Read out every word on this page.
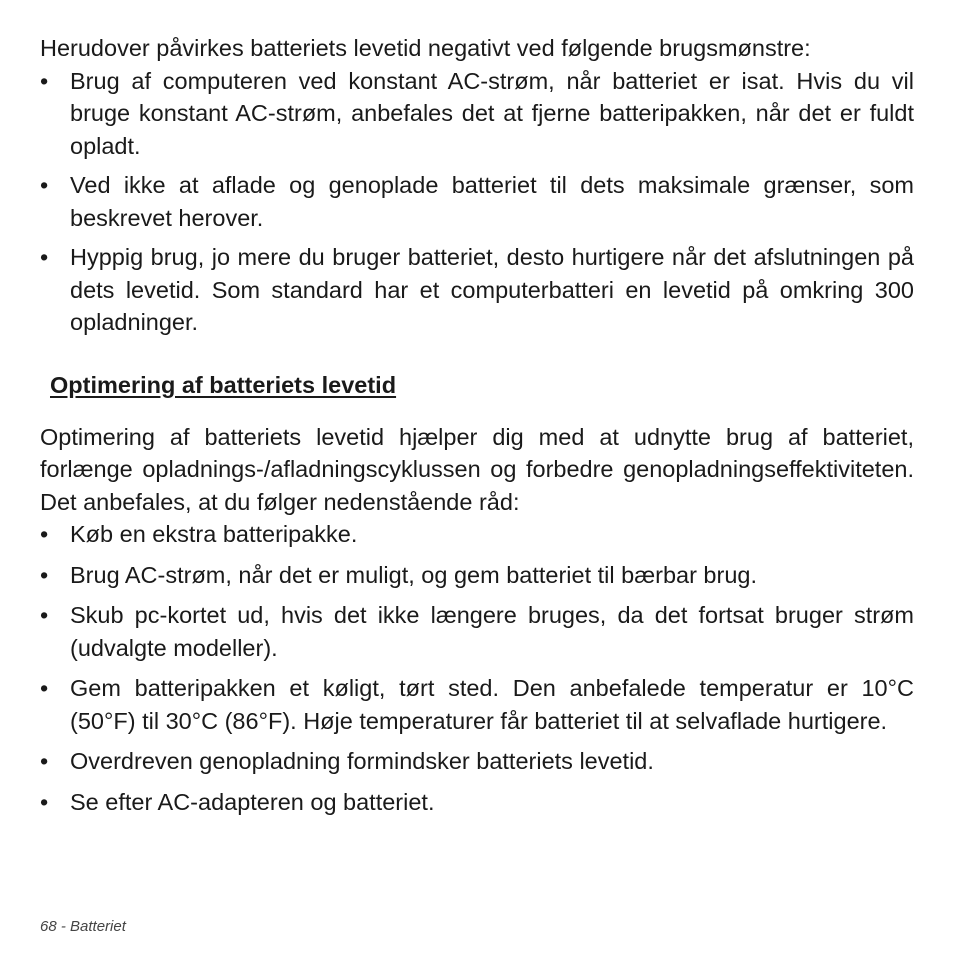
Herudover påvirkes batteriets levetid negativt ved følgende brugsmønstre:

• Brug af computeren ved konstant AC-strøm, når batteriet er isat. Hvis du vil bruge konstant AC-strøm, anbefales det at fjerne batteripakken, når det er fuldt opladt.
• Ved ikke at aflade og genoplade batteriet til dets maksimale grænser, som beskrevet herover.
• Hyppig brug, jo mere du bruger batteriet, desto hurtigere når det afslutningen på dets levetid. Som standard har et computerbatteri en levetid på omkring 300 opladninger.
Optimering af batteriets levetid

Optimering af batteriets levetid hjælper dig med at udnytte brug af batteriet, forlænge opladnings-/afladningscyklussen og forbedre genopladningseffektiviteten. Det anbefales, at du følger nedenstående råd:

• Køb en ekstra batteripakke.
• Brug AC-strøm, når det er muligt, og gem batteriet til bærbar brug.
• Skub pc-kortet ud, hvis det ikke længere bruges, da det fortsat bruger strøm (udvalgte modeller).
• Gem batteripakken et køligt, tørt sted. Den anbefalede temperatur er 10°C (50°F) til 30°C (86°F). Høje temperaturer får batteriet til at selvaflade hurtigere.
• Overdreven genopladning formindsker batteriets levetid.
• Se efter AC-adapteren og batteriet.
68 - Batteriet
